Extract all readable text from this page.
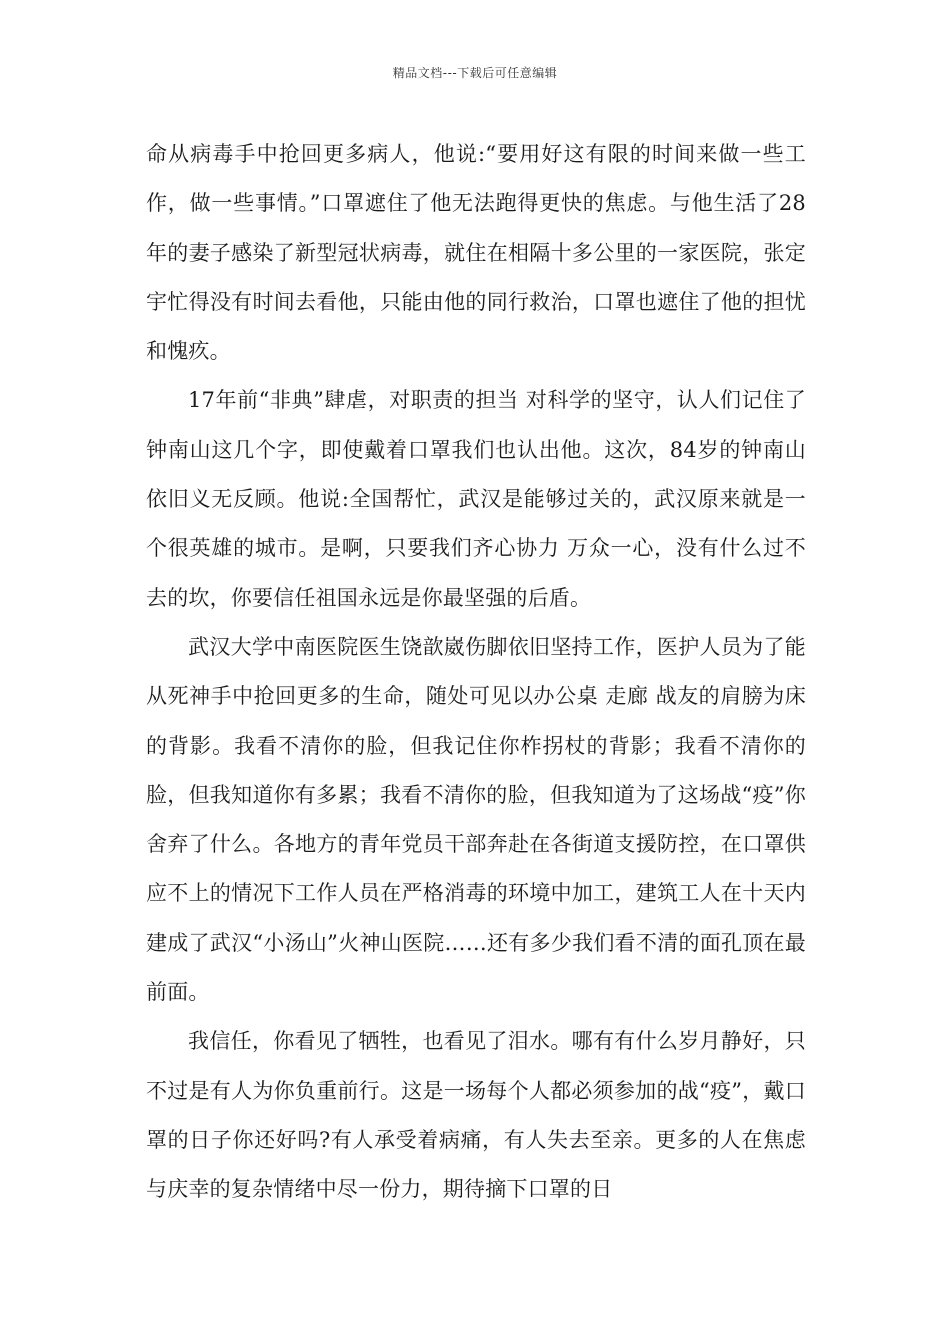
精品文档---下载后可任意编辑

命从病毒手中抢回更多病人，他说:“要用好这有限的时间来做一些工作，做一些事情。”口罩遮住了他无法跑得更快的焦虑。与他生活了28年的妻子感染了新型冠状病毒，就住在相隔十多公里的一家医院，张定宇忙得没有时间去看他，只能由他的同行救治，口罩也遮住了他的担忧和愧疚。

17年前“非典”肆虐，对职责的担当 对科学的坚守，认人们记住了钟南山这几个字，即使戴着口罩我们也认出他。这次，84岁的钟南山依旧义无反顾。他说:全国帮忙，武汉是能够过关的，武汉原来就是一个很英雄的城市。是啊，只要我们齐心协力 万众一心，没有什么过不去的坎，你要信任祖国永远是你最坚强的后盾。

武汉大学中南医院医生饶歆崴伤脚依旧坚持工作，医护人员为了能从死神手中抢回更多的生命，随处可见以办公桌 走廊 战友的肩膀为床的背影。我看不清你的脸，但我记住你柞拐杖的背影；我看不清你的脸，但我知道你有多累；我看不清你的脸，但我知道为了这场战“疫”你舍弃了什么。各地方的青年党员干部奔赴在各街道支援防控，在口罩供应不上的情况下工作人员在严格消毒的环境中加工，建筑工人在十天内建成了武汉“小汤山”火神山医院……还有多少我们看不清的面孔顶在最前面。

我信任，你看见了牺牲，也看见了泪水。哪有有什么岁月静好，只不过是有人为你负重前行。这是一场每个人都必须参加的战“疫”，戴口罩的日子你还好吗?有人承受着病痛，有人失去至亲。更多的人在焦虑与庆幸的复杂情绪中尽一份力，期待摘下口罩的日
